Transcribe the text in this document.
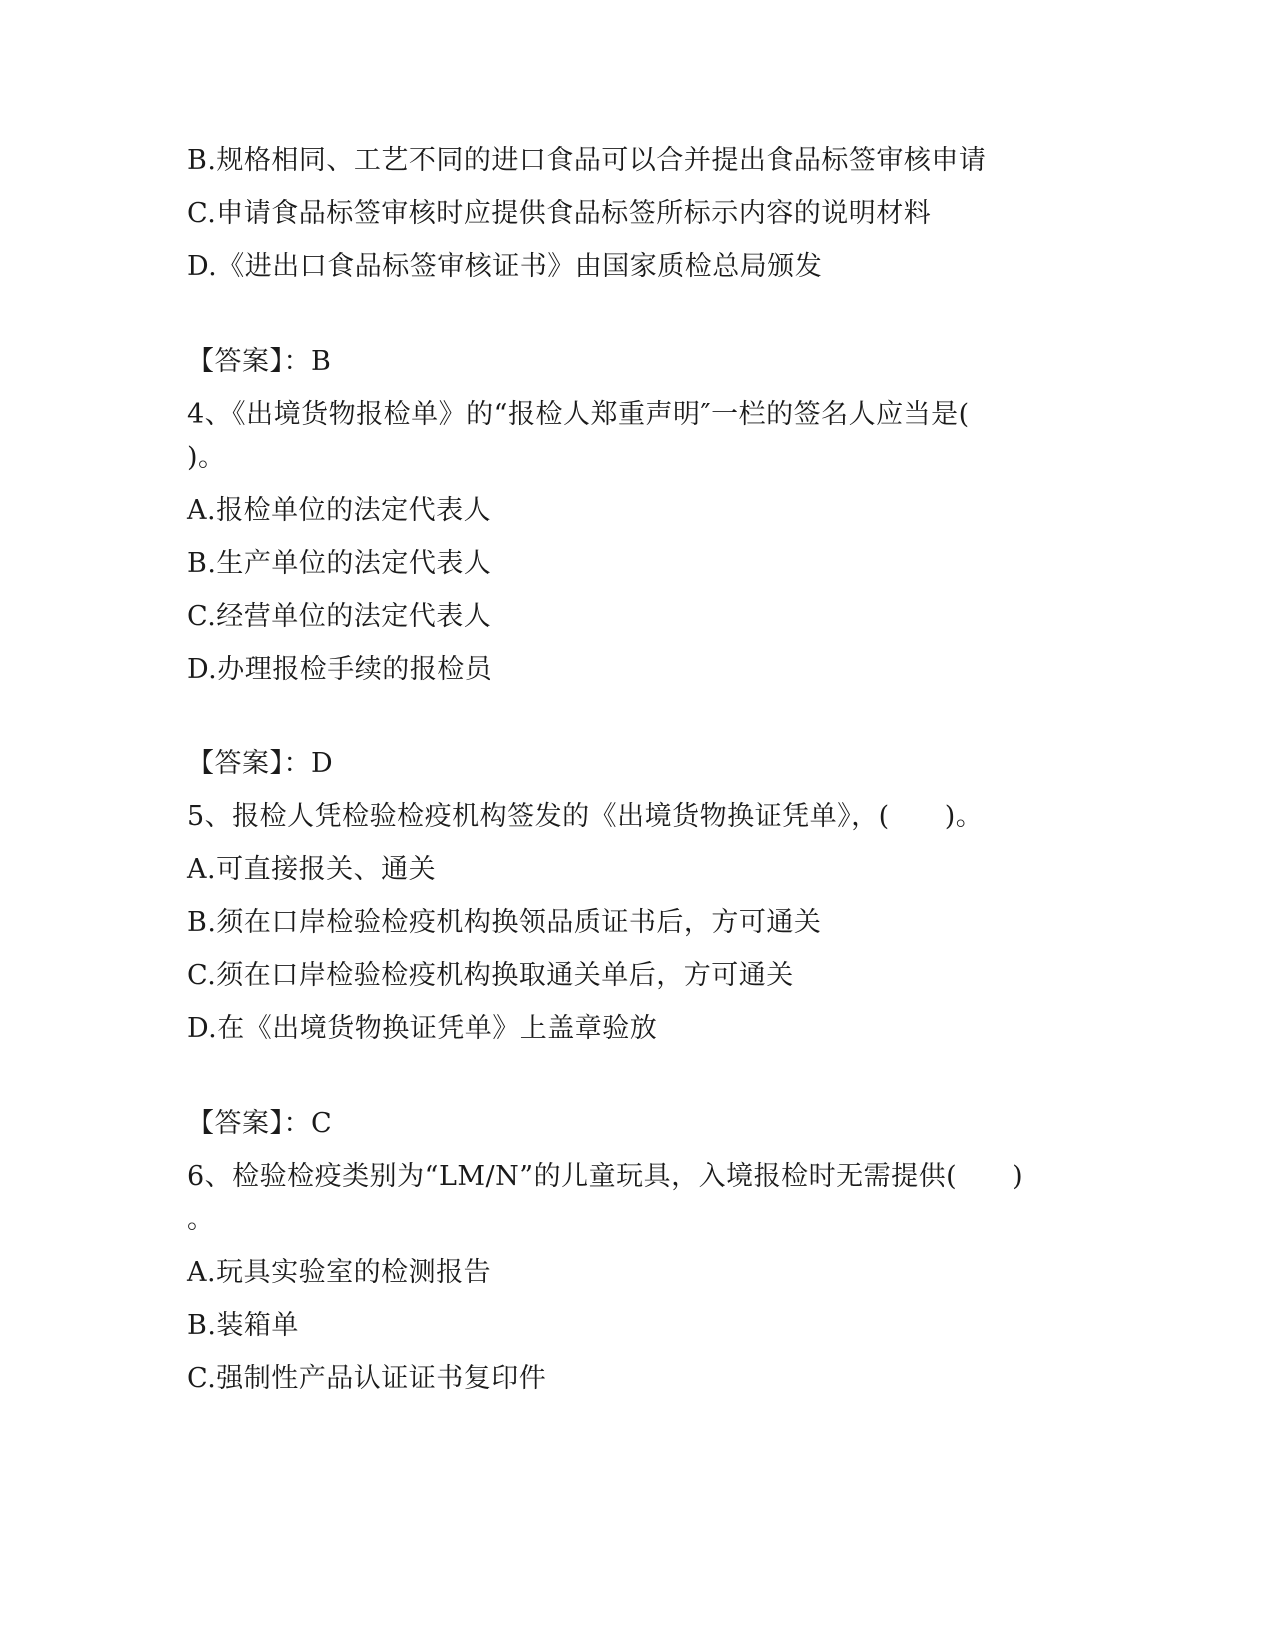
B.规格相同、工艺不同的进口食品可以合并提出食品标签审核申请
C.申请食品标签审核时应提供食品标签所标示内容的说明材料
D.《进出口食品标签审核证书》由国家质检总局颁发
【答案】：B
4、《出境货物报检单》的“报检人郑重声明″一栏的签名人应当是(
)。
A.报检单位的法定代表人
B.生产单位的法定代表人
C.经营单位的法定代表人
D.办理报检手续的报检员
【答案】：D
5、报检人凭检验检疫机构签发的《出境货物换证凭单》，(　　)。
A.可直接报关、通关
B.须在口岸检验检疫机构换领品质证书后，方可通关
C.须在口岸检验检疫机构换取通关单后，方可通关
D.在《出境货物换证凭单》上盖章验放
【答案】：C
6、检验检疫类别为“LM/N”的儿童玩具，入境报检时无需提供(　　)
。
A.玩具实验室的检测报告
B.装箱单
C.强制性产品认证证书复印件
